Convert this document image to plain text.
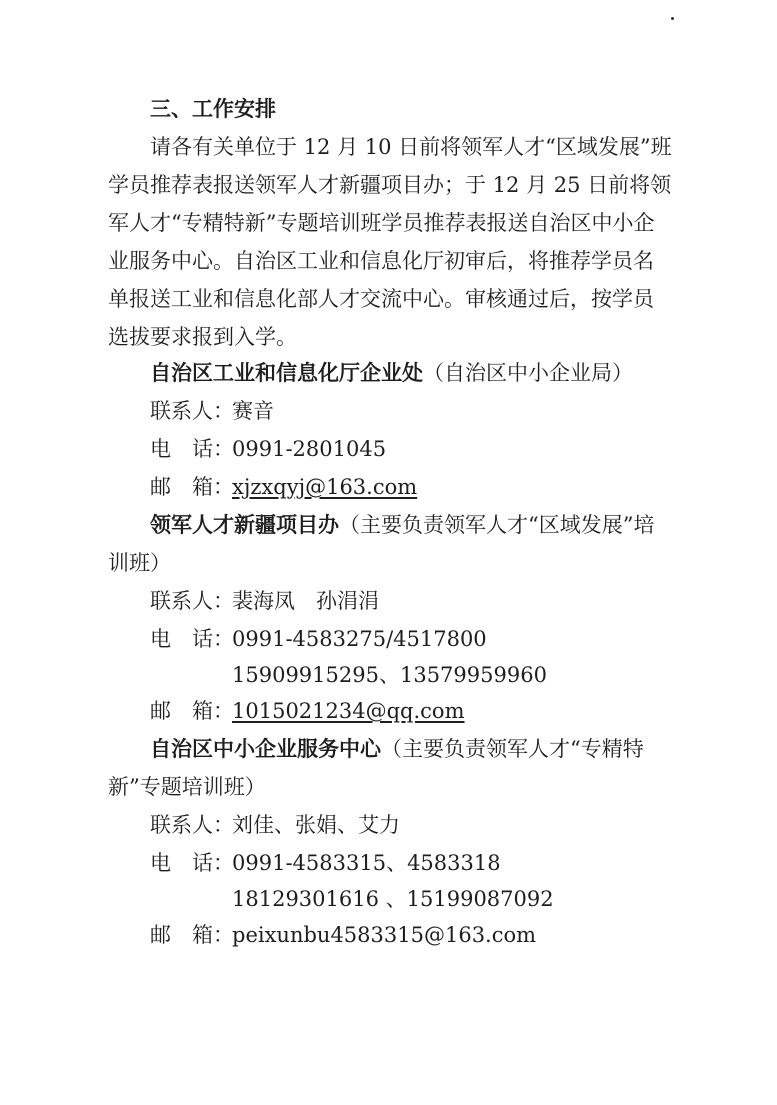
三、工作安排
请各有关单位于 12 月 10 日前将领军人才“区域发展”班
学员推荐表报送领军人才新疆项目办；于 12 月 25 日前将领
军人才“专精特新”专题培训班学员推荐表报送自治区中小企
业服务中心。自治区工业和信息化厅初审后，将推荐学员名
单报送工业和信息化部人才交流中心。审核通过后，按学员
选拔要求报到入学。
自治区工业和信息化厅企业处（自治区中小企业局）
联系人：赛音
电　话：0991-2801045
邮　箱：xjzxqyj@163.com
领军人才新疆项目办（主要负责领军人才“区域发展”培
训班）
联系人：裴海凤　孙涓涓
电　话：0991-4583275/4517800
15909915295、13579959960
邮　箱：1015021234@qq.com
自治区中小企业服务中心（主要负责领军人才“专精特
新”专题培训班）
联系人：刘佳、张娟、艾力
电　话：0991-4583315、4583318
18129301616 、15199087092
邮　箱：peixunbu4583315@163.com
